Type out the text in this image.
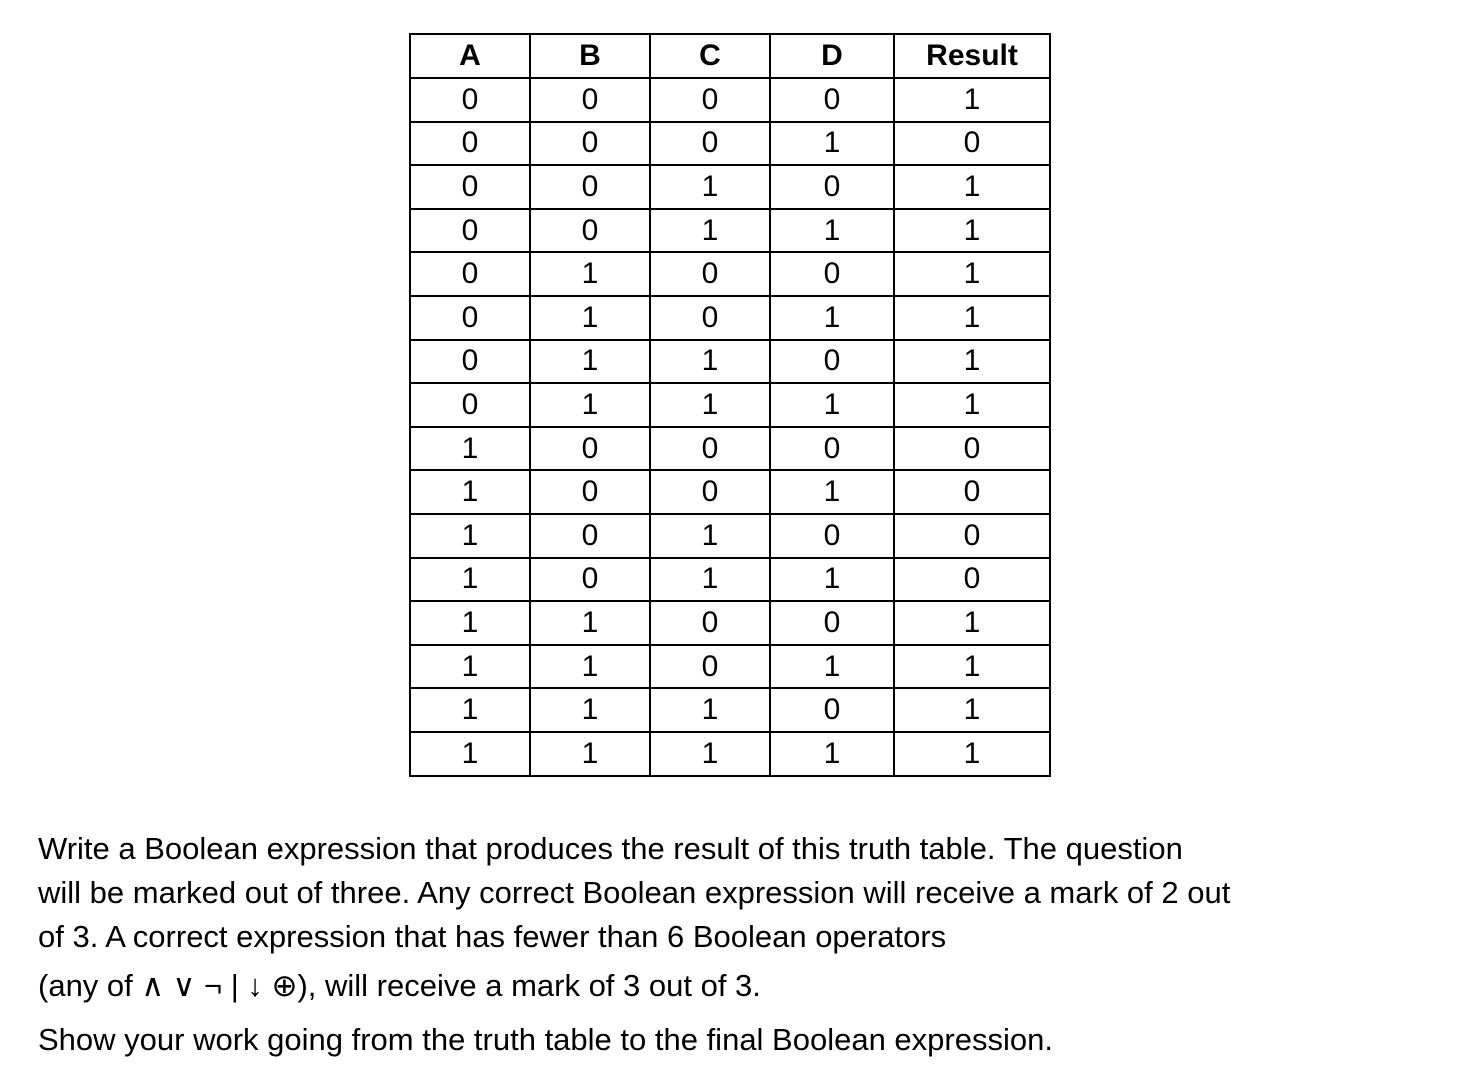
A	B	C	D	Result
0	0	0	0	1
0	0	0	1	0
0	0	1	0	1
0	0	1	1	1
0	1	0	0	1
0	1	0	1	1
0	1	1	0	1
0	1	1	1	1
1	0	0	0	0
1	0	0	1	0
1	0	1	0	0
1	0	1	1	0
1	1	0	0	1
1	1	0	1	1
1	1	1	0	1
1	1	1	1	1
Write a Boolean expression that produces the result of this truth table. The question
will be marked out of three. Any correct Boolean expression will receive a mark of 2 out
of 3. A correct expression that has fewer than 6 Boolean operators
(any of ∧ ∨ ¬ | ↓ ⊕), will receive a mark of 3 out of 3.
Show your work going from the truth table to the final Boolean expression.
